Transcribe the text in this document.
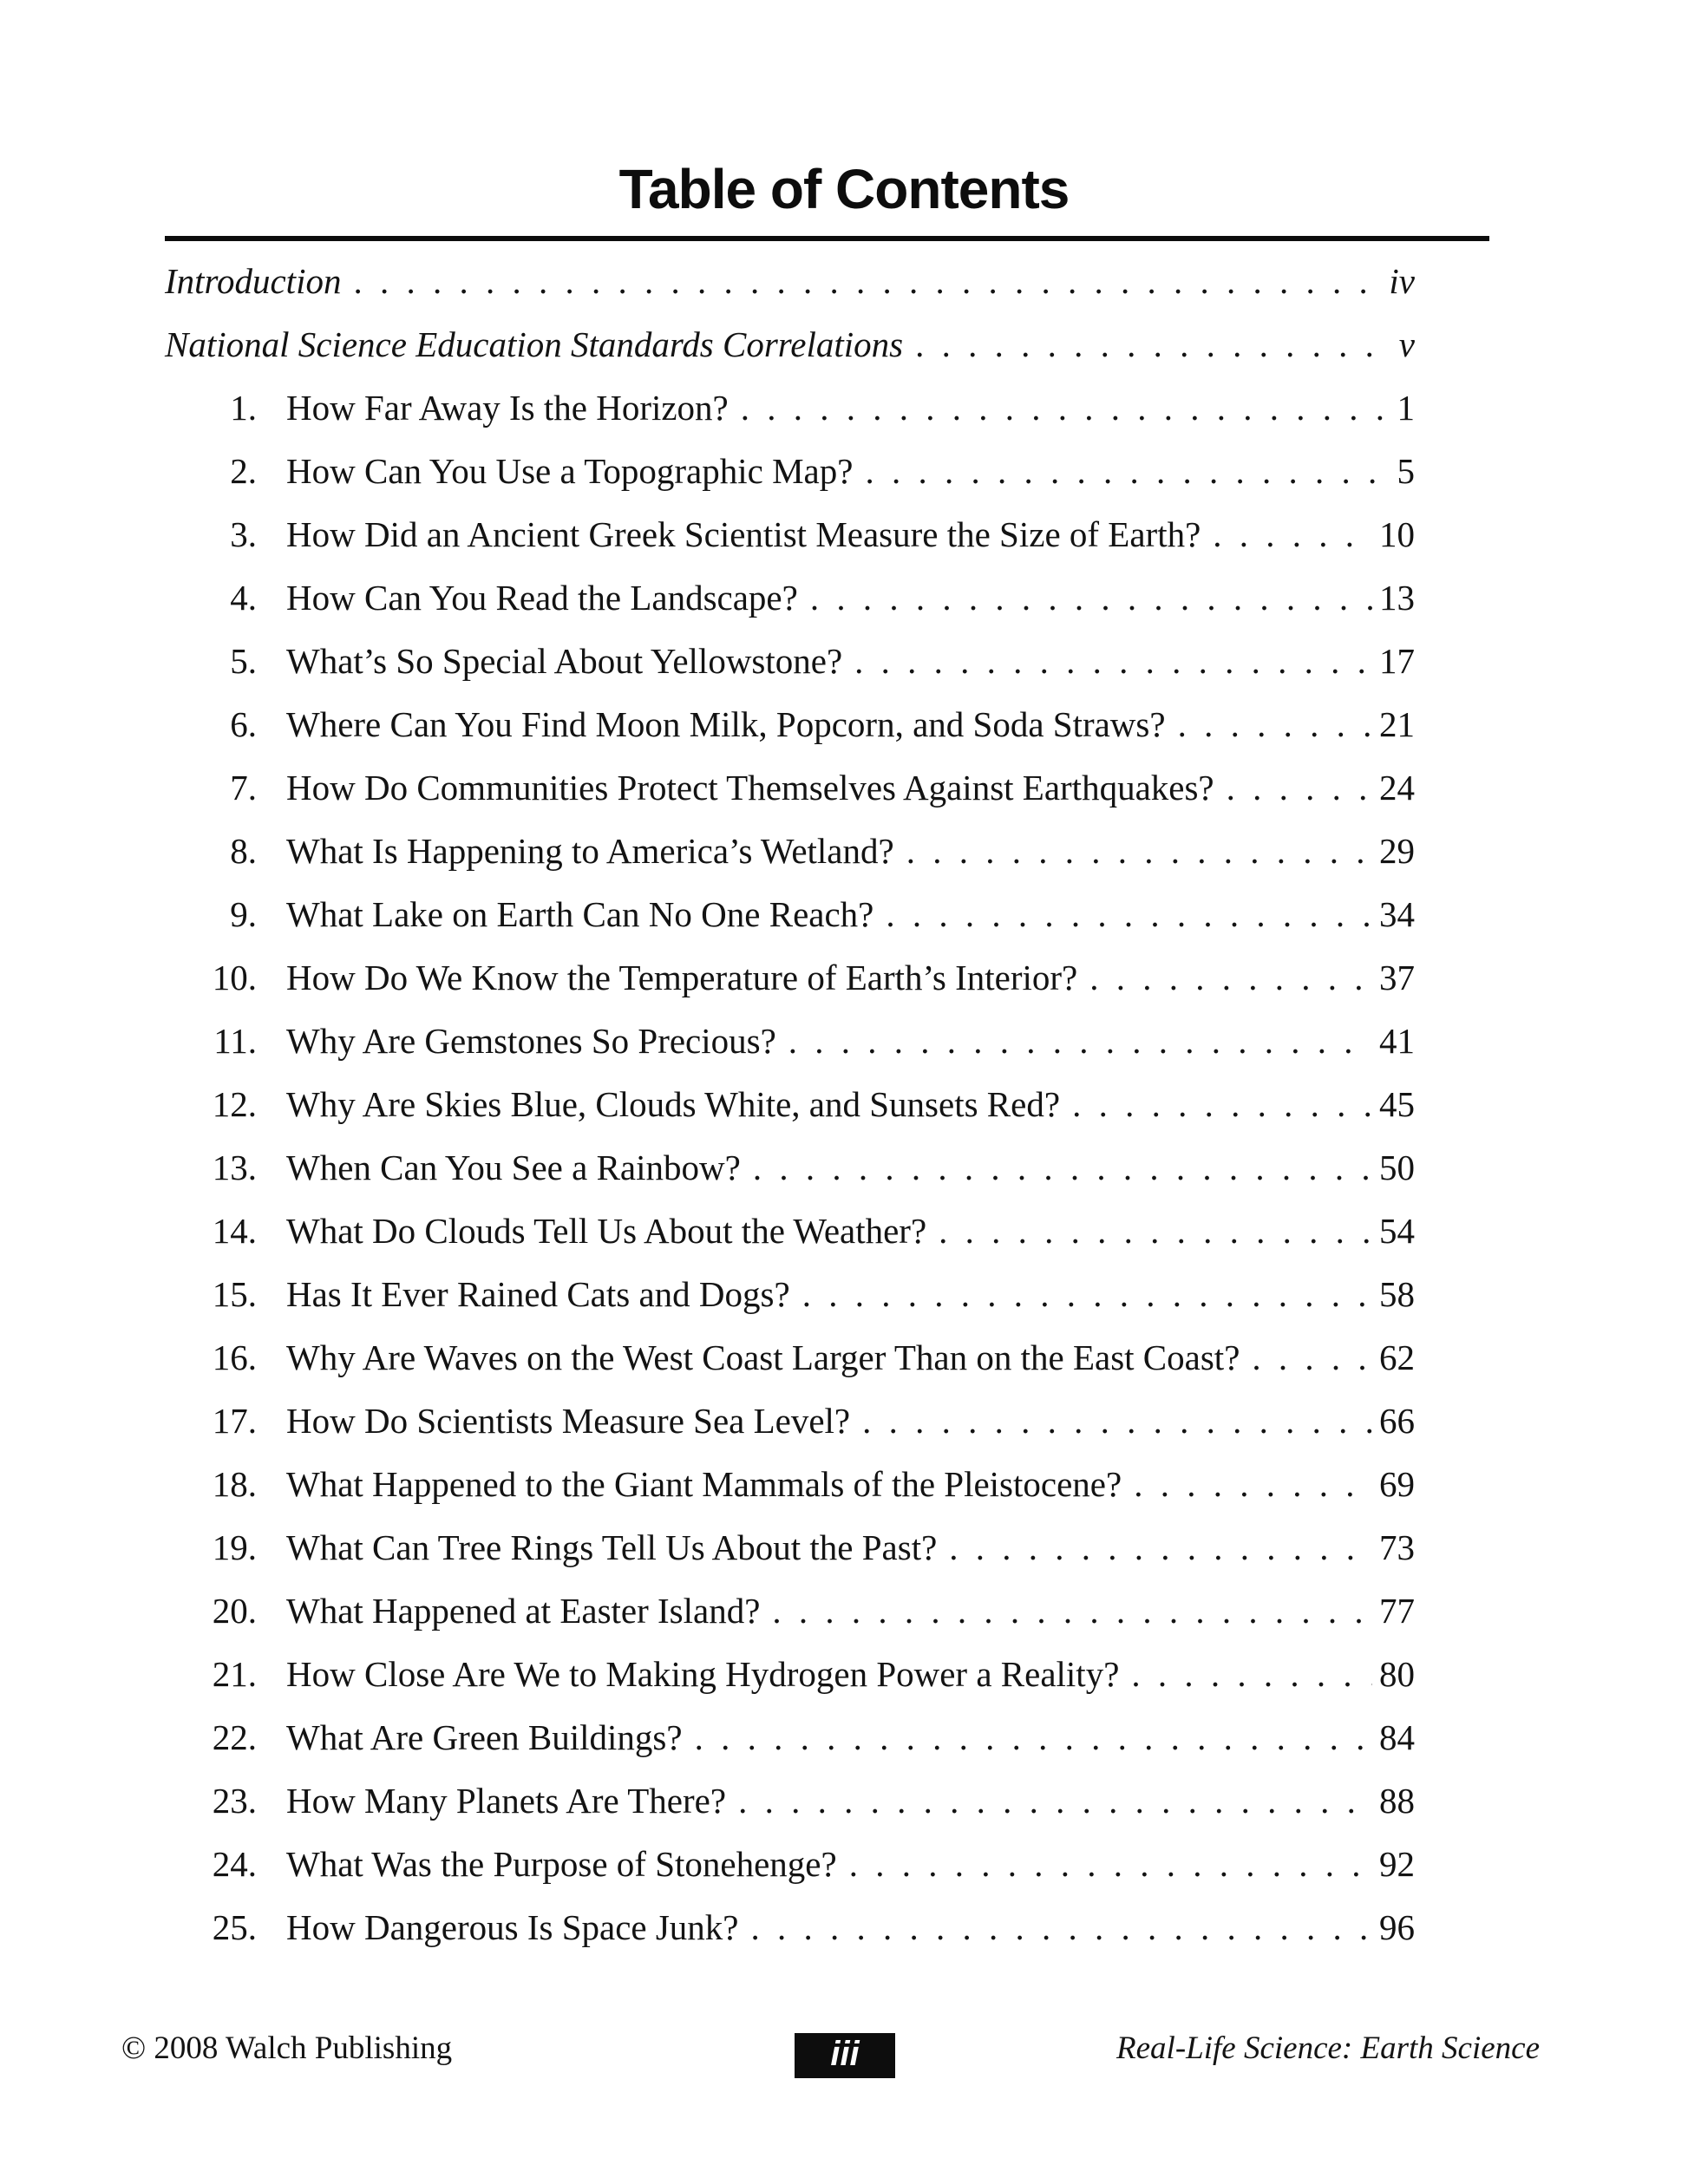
Table of Contents
Introduction . . .	iv
National Science Education Standards Correlations . . .	v
1. How Far Away Is the Horizon? . . .	1
2. How Can You Use a Topographic Map? . . .	5
3. How Did an Ancient Greek Scientist Measure the Size of Earth? . . .	10
4. How Can You Read the Landscape? . . .	13
5. What’s So Special About Yellowstone? . . .	17
6. Where Can You Find Moon Milk, Popcorn, and Soda Straws? . . .	21
7. How Do Communities Protect Themselves Against Earthquakes? . . .	24
8. What Is Happening to America’s Wetland? . . .	29
9. What Lake on Earth Can No One Reach? . . .	34
10. How Do We Know the Temperature of Earth’s Interior? . . .	37
11. Why Are Gemstones So Precious? . . .	41
12. Why Are Skies Blue, Clouds White, and Sunsets Red? . . .	45
13. When Can You See a Rainbow? . . .	50
14. What Do Clouds Tell Us About the Weather? . . .	54
15. Has It Ever Rained Cats and Dogs? . . .	58
16. Why Are Waves on the West Coast Larger Than on the East Coast? . . .	62
17. How Do Scientists Measure Sea Level? . . .	66
18. What Happened to the Giant Mammals of the Pleistocene? . . .	69
19. What Can Tree Rings Tell Us About the Past? . . .	73
20. What Happened at Easter Island? . . .	77
21. How Close Are We to Making Hydrogen Power a Reality? . . .	80
22. What Are Green Buildings? . . .	84
23. How Many Planets Are There? . . .	88
24. What Was the Purpose of Stonehenge? . . .	92
25. How Dangerous Is Space Junk? . . .	96
© 2008 Walch Publishing	iii	Real-Life Science: Earth Science
